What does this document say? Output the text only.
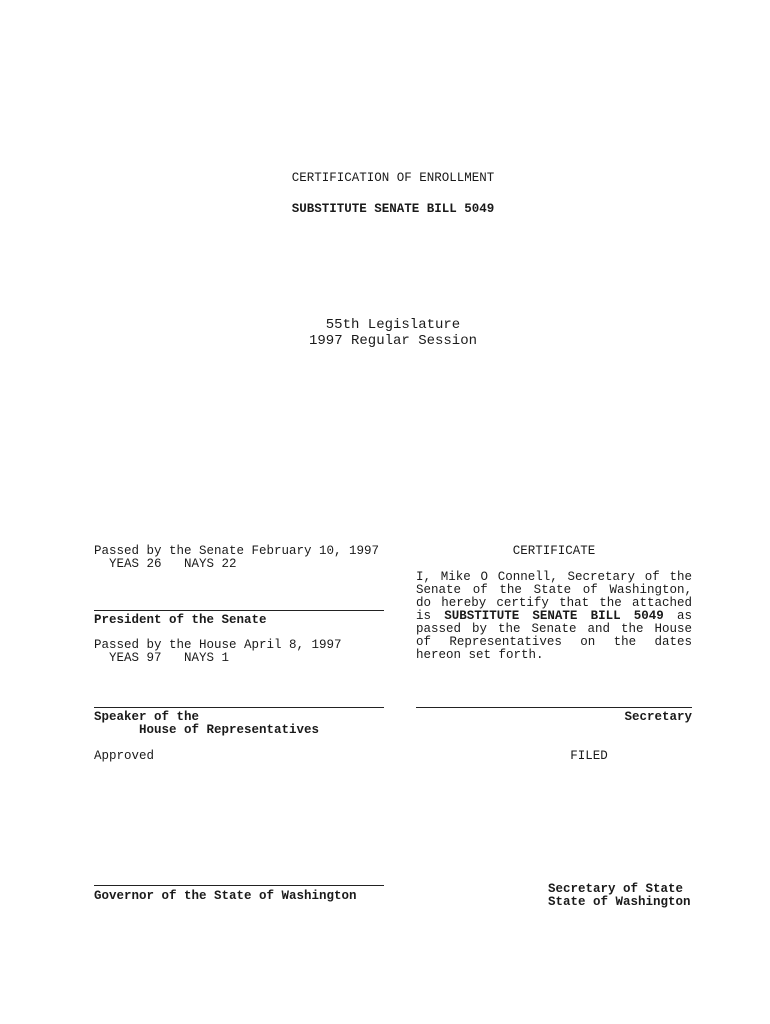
CERTIFICATION OF ENROLLMENT
SUBSTITUTE SENATE BILL 5049
55th Legislature
1997 Regular Session
Passed by the Senate February 10, 1997
YEAS 26   NAYS 22
President of the Senate
Passed by the House April 8, 1997
YEAS 97   NAYS 1
Speaker of the
House of Representatives
Approved
Governor of the State of Washington
CERTIFICATE
I, Mike O Connell, Secretary of the Senate of the State of Washington, do hereby certify that the attached is SUBSTITUTE SENATE BILL 5049 as passed by the Senate and the House of Representatives on the dates hereon set forth.
Secretary
FILED
Secretary of State
State of Washington
